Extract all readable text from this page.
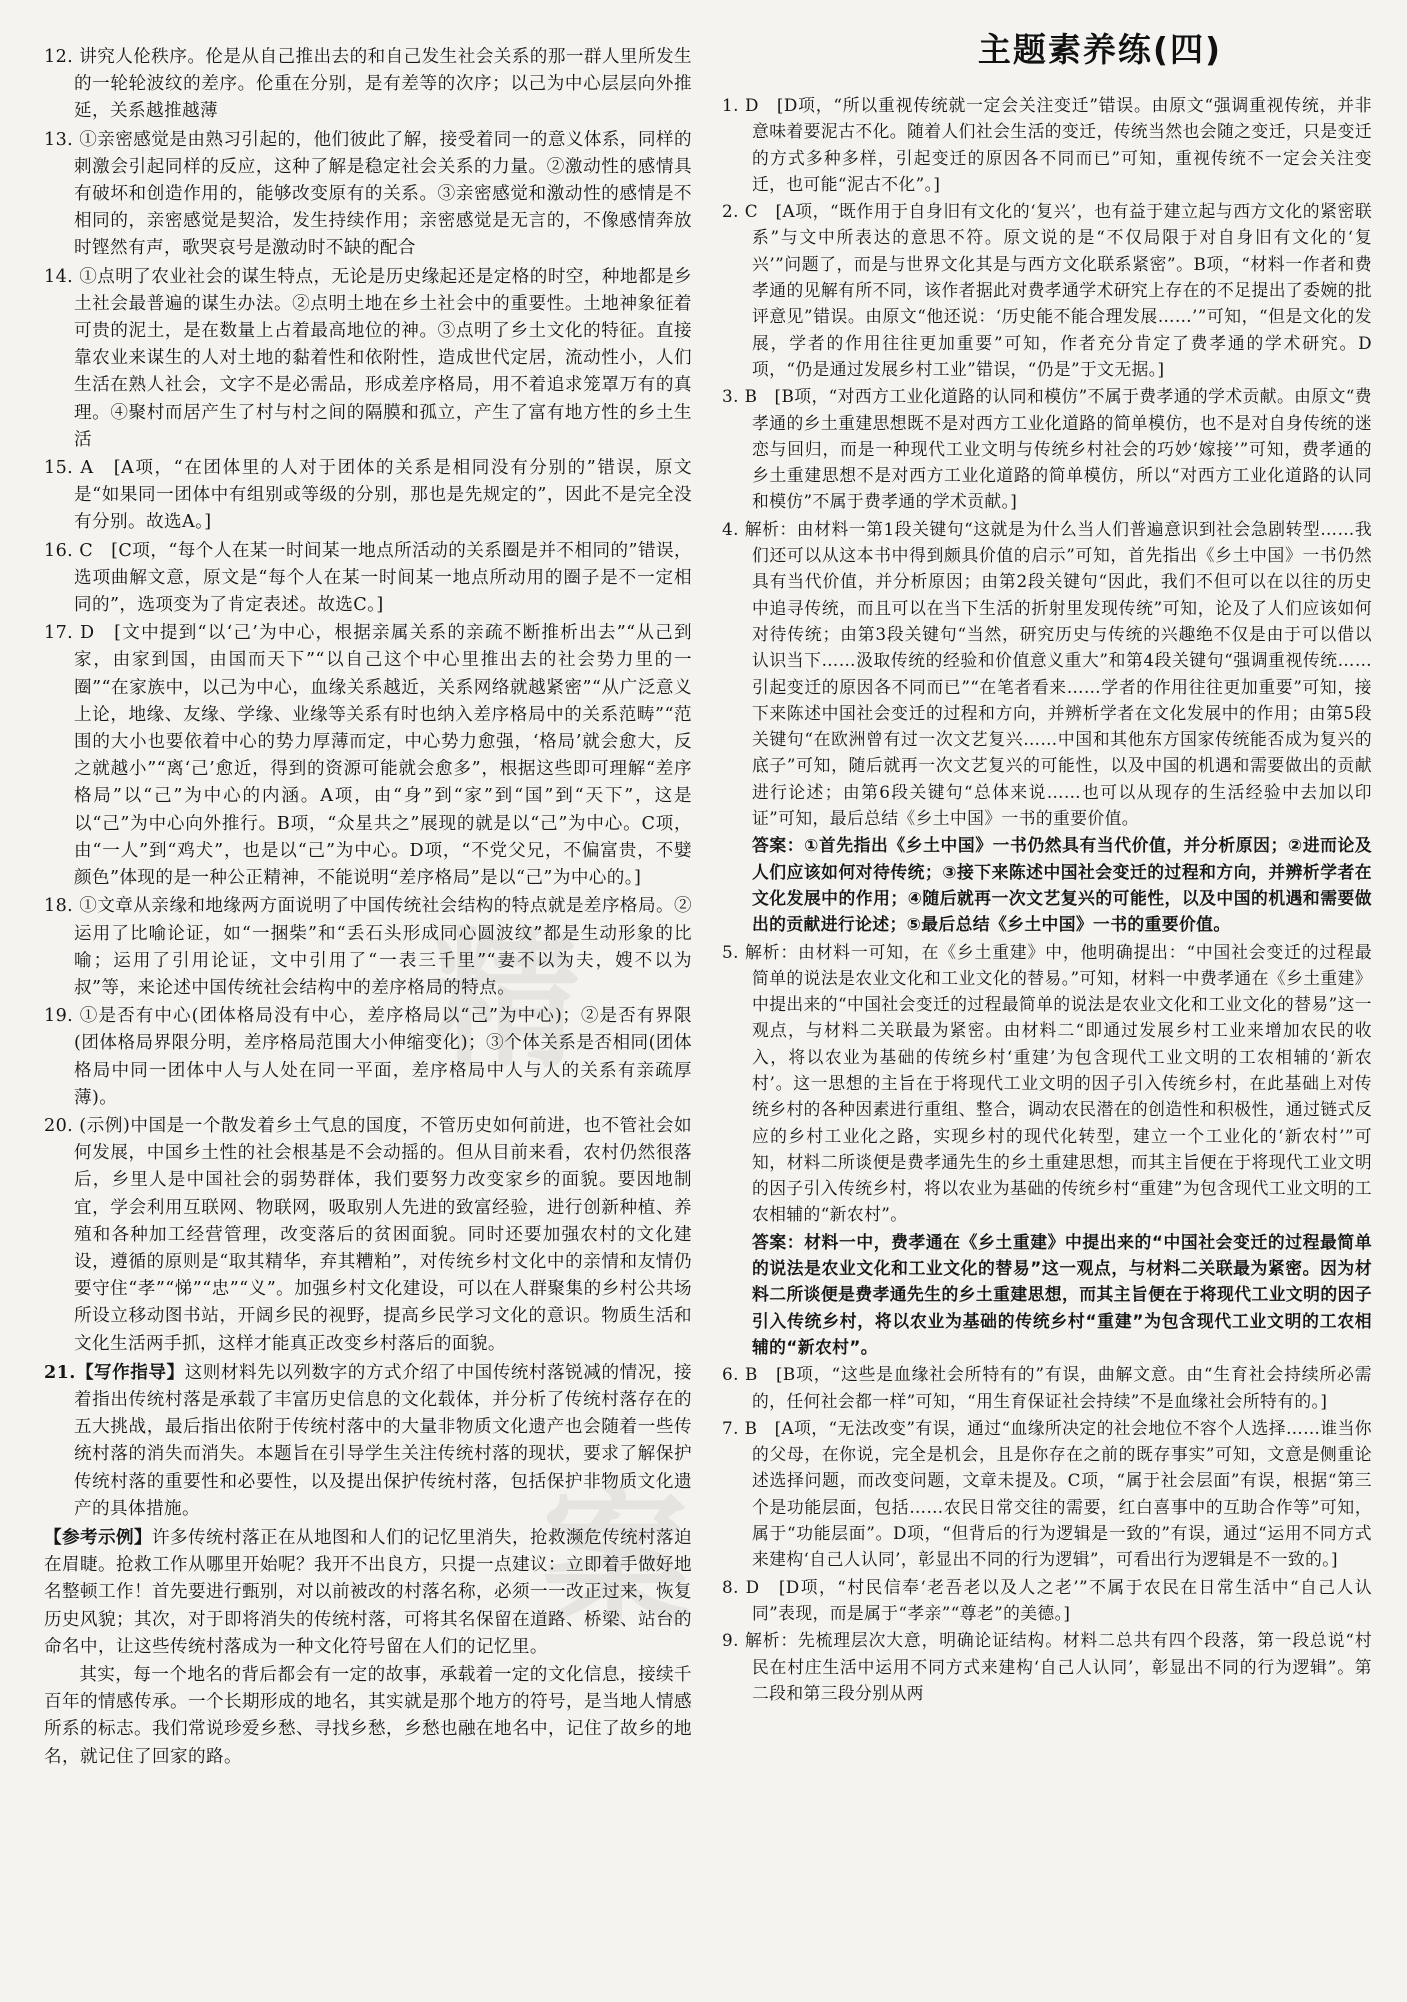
精
案
主题素养练(四)

12. 讲究人伦秩序。伦是从自己推出去的和自己发生社会关系的那一群人里所发生的一轮轮波纹的差序。伦重在分别，是有差等的次序；以己为中心层层向外推延，关系越推越薄

13. ①亲密感觉是由熟习引起的，他们彼此了解，接受着同一的意义体系，同样的刺激会引起同样的反应，这种了解是稳定社会关系的力量。②激动性的感情具有破坏和创造作用的，能够改变原有的关系。③亲密感觉和激动性的感情是不相同的，亲密感觉是契洽，发生持续作用；亲密感觉是无言的，不像感情奔放时铿然有声，歌哭哀号是激动时不缺的配合

14. ①点明了农业社会的谋生特点，无论是历史缘起还是定格的时空，种地都是乡土社会最普遍的谋生办法。②点明土地在乡土社会中的重要性。土地神象征着可贵的泥土，是在数量上占着最高地位的神。③点明了乡土文化的特征。直接靠农业来谋生的人对土地的黏着性和依附性，造成世代定居，流动性小，人们生活在熟人社会，文字不是必需品，形成差序格局，用不着追求笼罩万有的真理。④聚村而居产生了村与村之间的隔膜和孤立，产生了富有地方性的乡土生活

15. A　[A项，“在团体里的人对于团体的关系是相同没有分别的”错误，原文是“如果同一团体中有组别或等级的分别，那也是先规定的”，因此不是完全没有分别。故选A。]

16. C　[C项，“每个人在某一时间某一地点所活动的关系圈是并不相同的”错误，选项曲解文意，原文是“每个人在某一时间某一地点所动用的圈子是不一定相同的”，选项变为了肯定表述。故选C。]

17. D　[文中提到“以‘己’为中心，根据亲属关系的亲疏不断推析出去”“从己到家，由家到国，由国而天下”“以自己这个中心里推出去的社会势力里的一圈”“在家族中，以己为中心，血缘关系越近，关系网络就越紧密”“从广泛意义上论，地缘、友缘、学缘、业缘等关系有时也纳入差序格局中的关系范畴”“范围的大小也要依着中心的势力厚薄而定，中心势力愈强，‘格局’就会愈大，反之就越小”“离‘己’愈近，得到的资源可能就会愈多”，根据这些即可理解“差序格局”以“己”为中心的内涵。A项，由“身”到“家”到“国”到“天下”，这是以“己”为中心向外推行。B项，“众星共之”展现的就是以“己”为中心。C项，由“一人”到“鸡犬”，也是以“己”为中心。D项，“不党父兄，不偏富贵，不嬖颜色”体现的是一种公正精神，不能说明“差序格局”是以“己”为中心的。]

18. ①文章从亲缘和地缘两方面说明了中国传统社会结构的特点就是差序格局。②运用了比喻论证，如“一捆柴”和“丢石头形成同心圆波纹”都是生动形象的比喻；运用了引用论证，文中引用了“一表三千里”“妻不以为夫，嫂不以为叔”等，来论述中国传统社会结构中的差序格局的特点。

19. ①是否有中心(团体格局没有中心，差序格局以“己”为中心)；②是否有界限(团体格局界限分明，差序格局范围大小伸缩变化)；③个体关系是否相同(团体格局中同一团体中人与人处在同一平面，差序格局中人与人的关系有亲疏厚薄)。

20. (示例)中国是一个散发着乡土气息的国度，不管历史如何前进，也不管社会如何发展，中国乡土性的社会根基是不会动摇的。但从目前来看，农村仍然很落后，乡里人是中国社会的弱势群体，我们要努力改变家乡的面貌。要因地制宜，学会利用互联网、物联网，吸取别人先进的致富经验，进行创新种植、养殖和各种加工经营管理，改变落后的贫困面貌。同时还要加强农村的文化建设，遵循的原则是“取其精华，弃其糟粕”，对传统乡村文化中的亲情和友情仍要守住“孝”“悌”“忠”“义”。加强乡村文化建设，可以在人群聚集的乡村公共场所设立移动图书站，开阔乡民的视野，提高乡民学习文化的意识。物质生活和文化生活两手抓，这样才能真正改变乡村落后的面貌。

21.【写作指导】这则材料先以列数字的方式介绍了中国传统村落锐减的情况，接着指出传统村落是承载了丰富历史信息的文化载体，并分析了传统村落存在的五大挑战，最后指出依附于传统村落中的大量非物质文化遗产也会随着一些传统村落的消失而消失。本题旨在引导学生关注传统村落的现状，要求了解保护传统村落的重要性和必要性，以及提出保护传统村落，包括保护非物质文化遗产的具体措施。

【参考示例】许多传统村落正在从地图和人们的记忆里消失，抢救濒危传统村落迫在眉睫。抢救工作从哪里开始呢？我开不出良方，只提一点建议：立即着手做好地名整顿工作！首先要进行甄别，对以前被改的村落名称，必须一一改正过来，恢复历史风貌；其次，对于即将消失的传统村落，可将其名保留在道路、桥梁、站台的命名中，让这些传统村落成为一种文化符号留在人们的记忆里。

其实，每一个地名的背后都会有一定的故事，承载着一定的文化信息，接续千百年的情感传承。一个长期形成的地名，其实就是那个地方的符号，是当地人情感所系的标志。我们常说珍爱乡愁、寻找乡愁，乡愁也融在地名中，记住了故乡的地名，就记住了回家的路。

1. D　[D项，“所以重视传统就一定会关注变迁”错误。由原文“强调重视传统，并非意味着要泥古不化。随着人们社会生活的变迁，传统当然也会随之变迁，只是变迁的方式多种多样，引起变迁的原因各不同而已”可知，重视传统不一定会关注变迁，也可能“泥古不化”。]

2. C　[A项，“既作用于自身旧有文化的‘复兴’，也有益于建立起与西方文化的紧密联系”与文中所表达的意思不符。原文说的是“不仅局限于对自身旧有文化的‘复兴’”问题了，而是与世界文化其是与西方文化联系紧密”。B项，“材料一作者和费孝通的见解有所不同，该作者据此对费孝通学术研究上存在的不足提出了委婉的批评意见”错误。由原文“他还说：‘历史能不能合理发展……’”可知，“但是文化的发展，学者的作用往往更加重要”可知，作者充分肯定了费孝通的学术研究。D项，“仍是通过发展乡村工业”错误，“仍是”于文无据。]

3. B　[B项，“对西方工业化道路的认同和模仿”不属于费孝通的学术贡献。由原文“费孝通的乡土重建思想既不是对西方工业化道路的简单模仿，也不是对自身传统的迷恋与回归，而是一种现代工业文明与传统乡村社会的巧妙‘嫁接’”可知，费孝通的乡土重建思想不是对西方工业化道路的简单模仿，所以“对西方工业化道路的认同和模仿”不属于费孝通的学术贡献。]

4. 解析：由材料一第1段关键句“这就是为什么当人们普遍意识到社会急剧转型……我们还可以从这本书中得到颇具价值的启示”可知，首先指出《乡土中国》一书仍然具有当代价值，并分析原因；由第2段关键句“因此，我们不但可以在以往的历史中追寻传统，而且可以在当下生活的折射里发现传统”可知，论及了人们应该如何对待传统；由第3段关键句“当然，研究历史与传统的兴趣绝不仅是由于可以借以认识当下……汲取传统的经验和价值意义重大”和第4段关键句“强调重视传统……引起变迁的原因各不同而已”“在笔者看来……学者的作用往往更加重要”可知，接下来陈述中国社会变迁的过程和方向，并辨析学者在文化发展中的作用；由第5段关键句“在欧洲曾有过一次文艺复兴……中国和其他东方国家传统能否成为复兴的底子”可知，随后就再一次文艺复兴的可能性，以及中国的机遇和需要做出的贡献进行论述；由第6段关键句“总体来说……也可以从现存的生活经验中去加以印证”可知，最后总结《乡土中国》一书的重要价值。

答案：①首先指出《乡土中国》一书仍然具有当代价值，并分析原因；②进而论及人们应该如何对待传统；③接下来陈述中国社会变迁的过程和方向，并辨析学者在文化发展中的作用；④随后就再一次文艺复兴的可能性，以及中国的机遇和需要做出的贡献进行论述；⑤最后总结《乡土中国》一书的重要价值。

5. 解析：由材料一可知，在《乡土重建》中，他明确提出：“中国社会变迁的过程最简单的说法是农业文化和工业文化的替易。”可知，材料一中费孝通在《乡土重建》中提出来的“中国社会变迁的过程最简单的说法是农业文化和工业文化的替易”这一观点，与材料二关联最为紧密。由材料二“即通过发展乡村工业来增加农民的收入，将以农业为基础的传统乡村‘重建’为包含现代工业文明的工农相辅的‘新农村’。这一思想的主旨在于将现代工业文明的因子引入传统乡村，在此基础上对传统乡村的各种因素进行重组、整合，调动农民潜在的创造性和积极性，通过链式反应的乡村工业化之路，实现乡村的现代化转型，建立一个工业化的‘新农村’”可知，材料二所谈便是费孝通先生的乡土重建思想，而其主旨便在于将现代工业文明的因子引入传统乡村，将以农业为基础的传统乡村“重建”为包含现代工业文明的工农相辅的“新农村”。

答案：材料一中，费孝通在《乡土重建》中提出来的“中国社会变迁的过程最简单的说法是农业文化和工业文化的替易”这一观点，与材料二关联最为紧密。因为材料二所谈便是费孝通先生的乡土重建思想，而其主旨便在于将现代工业文明的因子引入传统乡村，将以农业为基础的传统乡村“重建”为包含现代工业文明的工农相辅的“新农村”。

6. B　[B项，“这些是血缘社会所特有的”有误，曲解文意。由“生育社会持续所必需的，任何社会都一样”可知，“用生育保证社会持续”不是血缘社会所特有的。]

7. B　[A项，“无法改变”有误，通过“血缘所决定的社会地位不容个人选择……谁当你的父母，在你说，完全是机会，且是你存在之前的既存事实”可知，文意是侧重论述选择问题，而改变问题，文章未提及。C项，“属于社会层面”有误，根据“第三个是功能层面，包括……农民日常交往的需要，红白喜事中的互助合作等”可知，属于“功能层面”。D项，“但背后的行为逻辑是一致的”有误，通过“运用不同方式来建构‘自己人认同’，彰显出不同的行为逻辑”，可看出行为逻辑是不一致的。]

8. D　[D项，“村民信奉‘老吾老以及人之老’”不属于农民在日常生活中“自己人认同”表现，而是属于“孝亲”“尊老”的美德。]

9. 解析：先梳理层次大意，明确论证结构。材料二总共有四个段落，第一段总说“村民在村庄生活中运用不同方式来建构‘自己人认同’，彰显出不同的行为逻辑”。第二段和第三段分别从两
